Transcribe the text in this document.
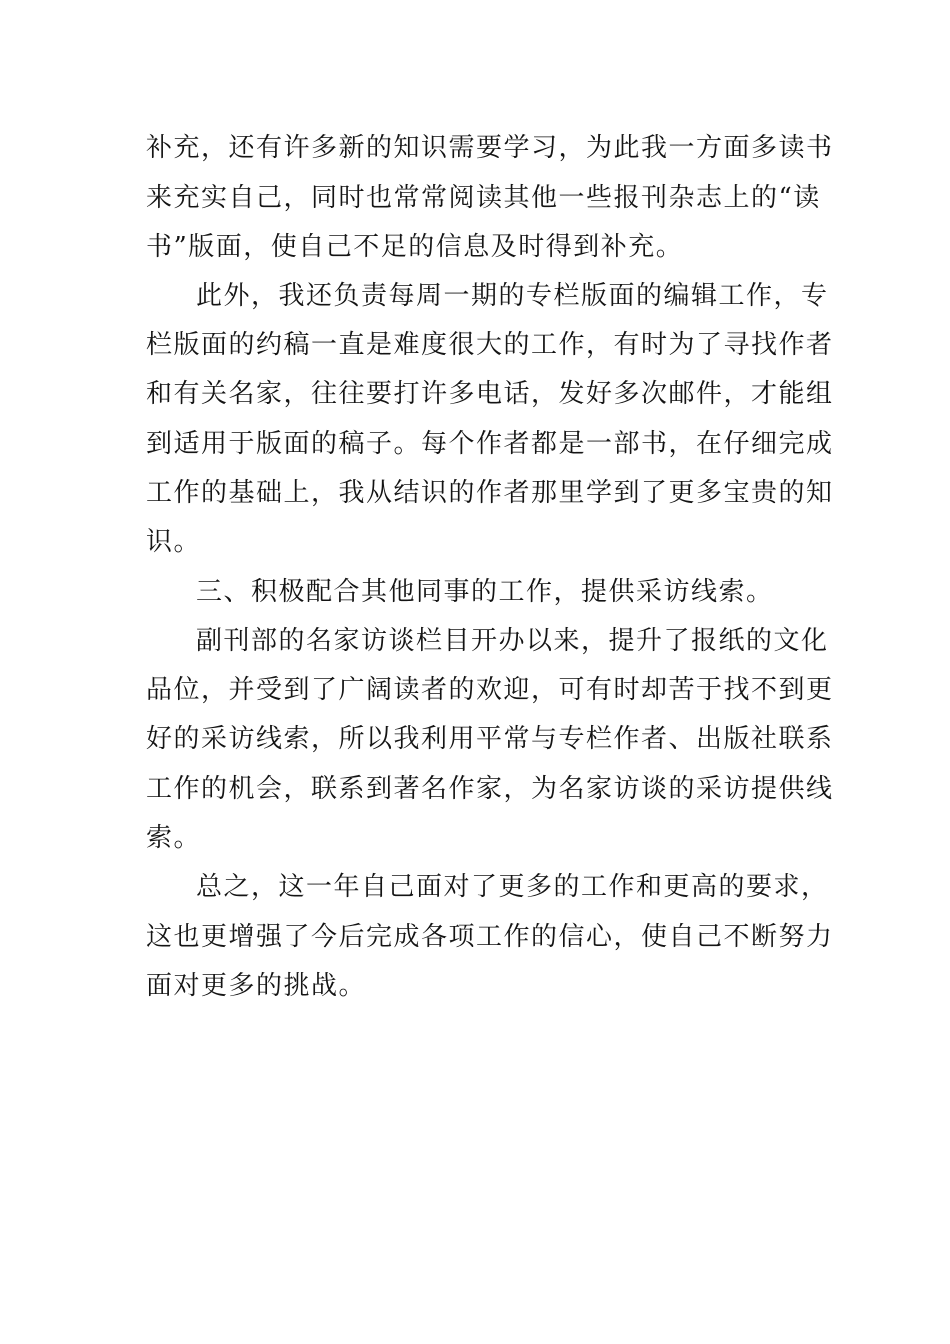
补充，还有许多新的知识需要学习，为此我一方面多读书
来充实自己，同时也常常阅读其他一些报刊杂志上的“读
书”版面，使自己不足的信息及时得到补充。
此外，我还负责每周一期的专栏版面的编辑工作，专
栏版面的约稿一直是难度很大的工作，有时为了寻找作者
和有关名家，往往要打许多电话，发好多次邮件，才能组
到适用于版面的稿子。每个作者都是一部书，在仔细完成
工作的基础上，我从结识的作者那里学到了更多宝贵的知
识。
三、积极配合其他同事的工作，提供采访线索。
副刊部的名家访谈栏目开办以来，提升了报纸的文化
品位，并受到了广阔读者的欢迎，可有时却苦于找不到更
好的采访线索，所以我利用平常与专栏作者、出版社联系
工作的机会，联系到著名作家，为名家访谈的采访提供线
索。
总之，这一年自己面对了更多的工作和更高的要求，
这也更增强了今后完成各项工作的信心，使自己不断努力
面对更多的挑战。
